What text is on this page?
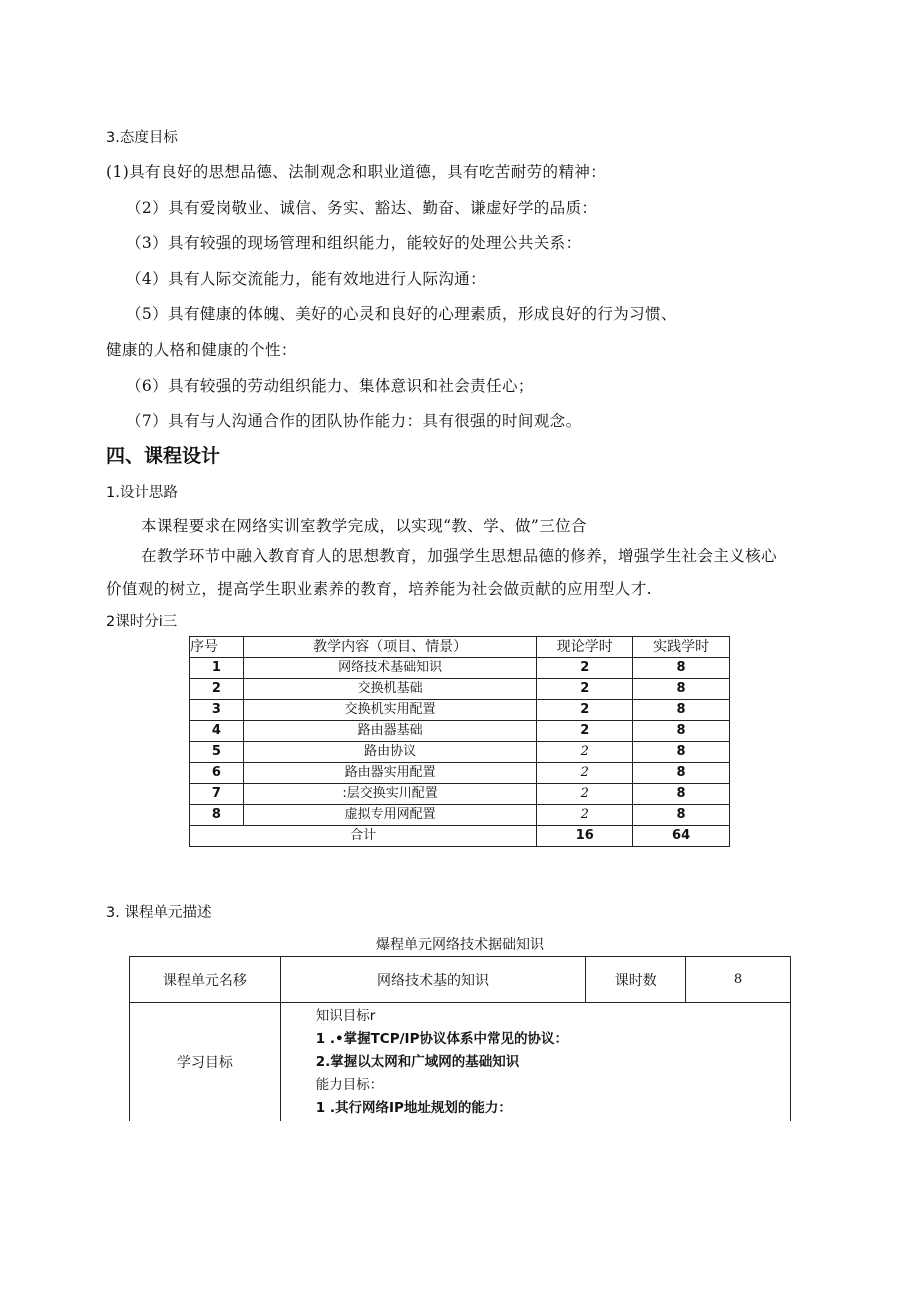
3.态度目标
(1)具有良好的思想品德、法制观念和职业道德，具有吃苦耐劳的精神：
（2）具有爱岗敬业、诚信、务实、豁达、勤奋、谦虚好学的品质：
（3）具有较强的现场管理和组织能力，能较好的处理公共关系：
（4）具有人际交流能力，能有效地进行人际沟通：
（5）具有健康的体魄、美好的心灵和良好的心理素质，形成良好的行为习惯、
健康的人格和健康的个性：
（6）具有较强的劳动组织能力、集体意识和社会责任心；
（7）具有与人沟通合作的团队协作能力：具有很强的时间观念。
四、课程设计
1.设计思路
本课程要求在网络实训室教学完成，以实现“教、学、做”三位合
在教学环节中融入教育育人的思想教育，加强学生思想品德的修养，增强学生社会主义核心
价值观的树立，提高学生职业素养的教育，培养能为社会做贡献的应用型人才.
2课时分i三
序号	教学内容（项目、情景）	现论学时	实践学时
1	网络技术基础知识	2	8
2	交换机基础	2	8
3	交换机实用配置	2	8
4	路由器基础	2	8
5	路由协议	2	8
6	路由器实用配置	2	8
7	:层交换实川配置	2	8
8	虚拟专用网配置	2	8
合计		16	64
3. 课程单元描述
爆程单元网络技术据础知识
课程单元名移	网络技术基的知识	课时数	8
学习目标	知识目标r
1 .•掌握TCP/IP协议体系中常见的协议：
2.掌握以太网和广域网的基础知识
能力目标：
1 .其行网络IP地址规划的能力：		
